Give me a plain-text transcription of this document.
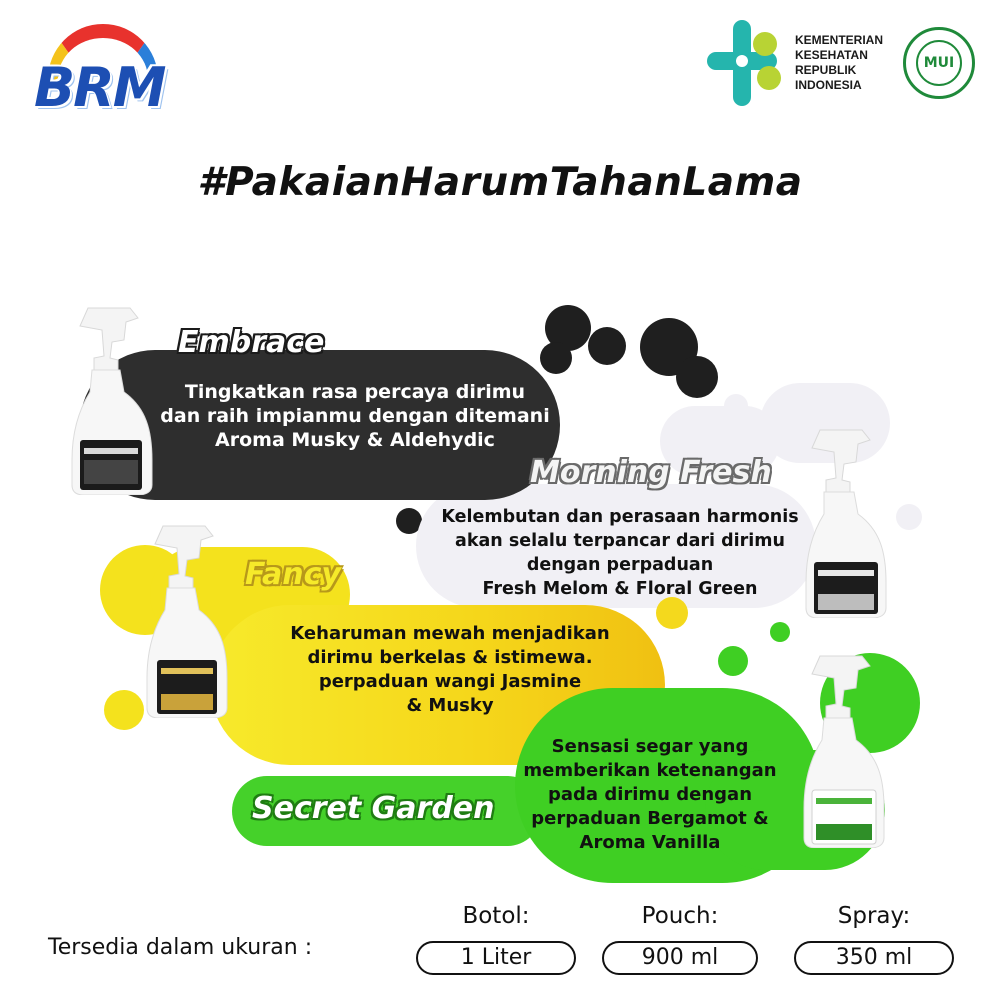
BRM
KEMENTERIAN
KESEHATAN
REPUBLIK
INDONESIA
MUI
#PakaianHarumTahanLama
Embrace
Morning Fresh
Fancy
Secret Garden
Tingkatkan rasa percaya dirimu
dan raih impianmu dengan ditemani
Aroma Musky & Aldehydic
Kelembutan dan perasaan harmonis
akan selalu terpancar dari dirimu
dengan perpaduan
Fresh Melom & Floral Green
Keharuman mewah menjadikan
dirimu berkelas & istimewa.
perpaduan wangi Jasmine
& Musky
Sensasi segar yang
memberikan ketenangan
pada dirimu dengan
perpaduan Bergamot &
Aroma Vanilla
Tersedia dalam ukuran :
Botol:
1 Liter
Pouch:
900 ml
Spray:
350 ml
